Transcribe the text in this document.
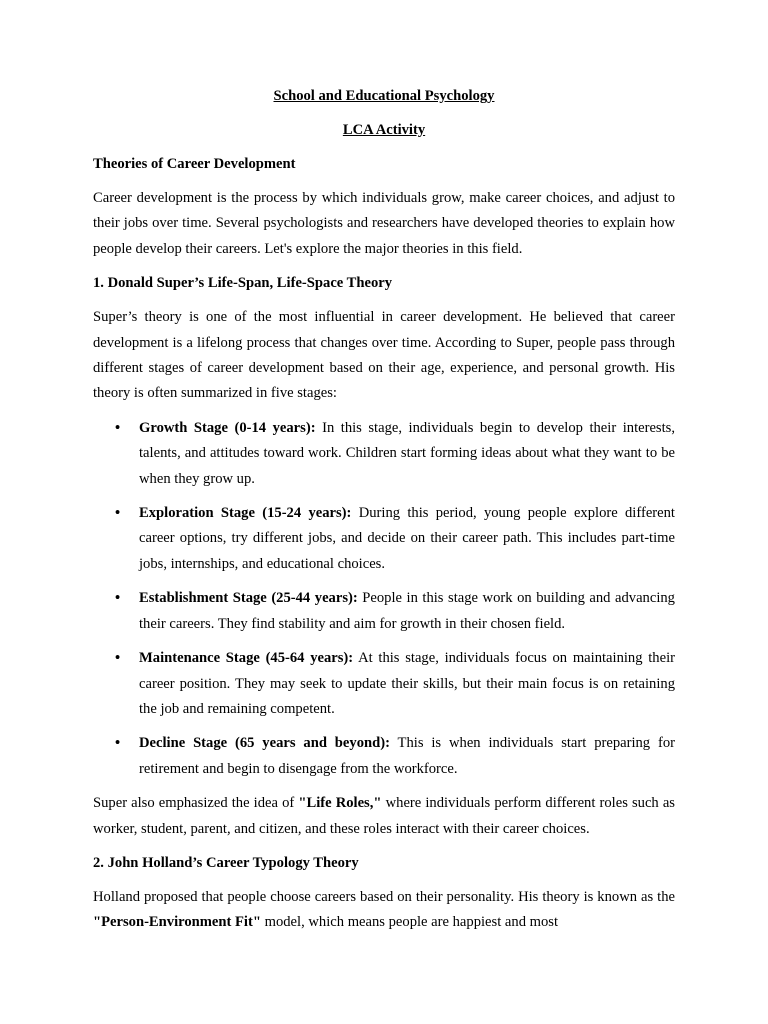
School and Educational Psychology

LCA Activity

Theories of Career Development

Career development is the process by which individuals grow, make career choices, and adjust to their jobs over time. Several psychologists and researchers have developed theories to explain how people develop their careers. Let's explore the major theories in this field.

1. Donald Super’s Life-Span, Life-Space Theory

Super’s theory is one of the most influential in career development. He believed that career development is a lifelong process that changes over time. According to Super, people pass through different stages of career development based on their age, experience, and personal growth. His theory is often summarized in five stages:

• Growth Stage (0-14 years): In this stage, individuals begin to develop their interests, talents, and attitudes toward work. Children start forming ideas about what they want to be when they grow up.
• Exploration Stage (15-24 years): During this period, young people explore different career options, try different jobs, and decide on their career path. This includes part-time jobs, internships, and educational choices.
• Establishment Stage (25-44 years): People in this stage work on building and advancing their careers. They find stability and aim for growth in their chosen field.
• Maintenance Stage (45-64 years): At this stage, individuals focus on maintaining their career position. They may seek to update their skills, but their main focus is on retaining the job and remaining competent.
• Decline Stage (65 years and beyond): This is when individuals start preparing for retirement and begin to disengage from the workforce.

Super also emphasized the idea of "Life Roles," where individuals perform different roles such as worker, student, parent, and citizen, and these roles interact with their career choices.

2. John Holland’s Career Typology Theory

Holland proposed that people choose careers based on their personality. His theory is known as the "Person-Environment Fit" model, which means people are happiest and most
